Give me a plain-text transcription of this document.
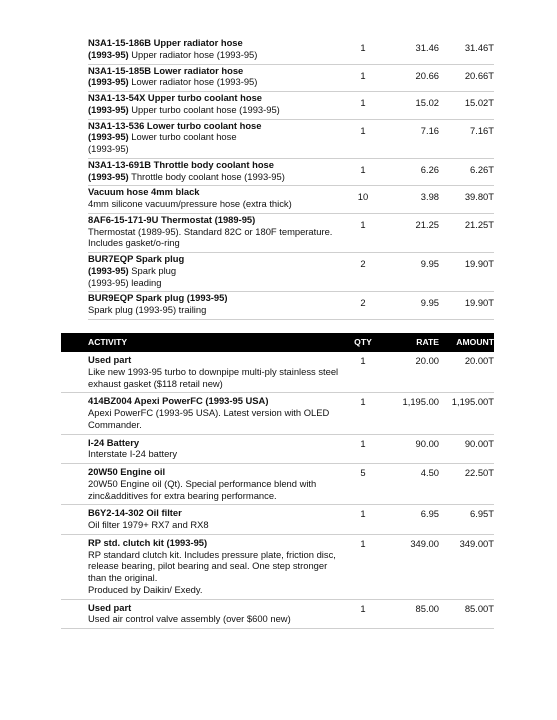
N3A1-15-186B Upper radiator hose
(1993-95) Upper radiator hose (1993-95)	1	31.46	31.46T

N3A1-15-185B Lower radiator hose
(1993-95) Lower radiator hose (1993-95)	1	20.66	20.66T

N3A1-13-54X Upper turbo coolant hose
(1993-95) Upper turbo coolant hose (1993-95)	1	15.02	15.02T

N3A1-13-536 Lower turbo coolant hose
(1993-95) Lower turbo coolant hose
(1993-95)	1	7.16	7.16T

N3A1-13-691B Throttle body coolant hose
(1993-95) Throttle body coolant hose (1993-95)	1	6.26	6.26T

Vacuum hose 4mm black
4mm silicone vacuum/pressure hose (extra thick)	10	3.98	39.80T

8AF6-15-171-9U Thermostat (1989-95)
Thermostat (1989-95). Standard 82C or 180F temperature.
Includes gasket/o-ring	1	21.25	21.25T

BUR7EQP Spark plug
(1993-95) Spark plug
(1993-95) leading	2	9.95	19.90T

BUR9EQP Spark plug (1993-95)
Spark plug (1993-95) trailing	2	9.95	19.90T
ACTIVITY	QTY	RATE	AMOUNT

Used part
Like new 1993-95 turbo to downpipe multi-ply stainless steel
exhaust gasket ($118 retail new)	1	20.00	20.00T

414BZ004 Apexi PowerFC (1993-95 USA)
Apexi PowerFC (1993-95 USA). Latest version with OLED
Commander.	1	1,195.00	1,195.00T

I-24 Battery
Interstate I-24 battery	1	90.00	90.00T

20W50 Engine oil
20W50 Engine oil (Qt). Special performance blend with
zinc&additives for extra bearing performance.	5	4.50	22.50T

B6Y2-14-302 Oil filter
Oil filter 1979+ RX7 and RX8	1	6.95	6.95T

RP std. clutch kit (1993-95)
RP standard clutch kit. Includes pressure plate, friction disc,
release bearing, pilot bearing and seal. One step stronger
than the original.
Produced by Daikin/ Exedy.	1	349.00	349.00T

Used part
Used air control valve assembly (over $600 new)	1	85.00	85.00T
